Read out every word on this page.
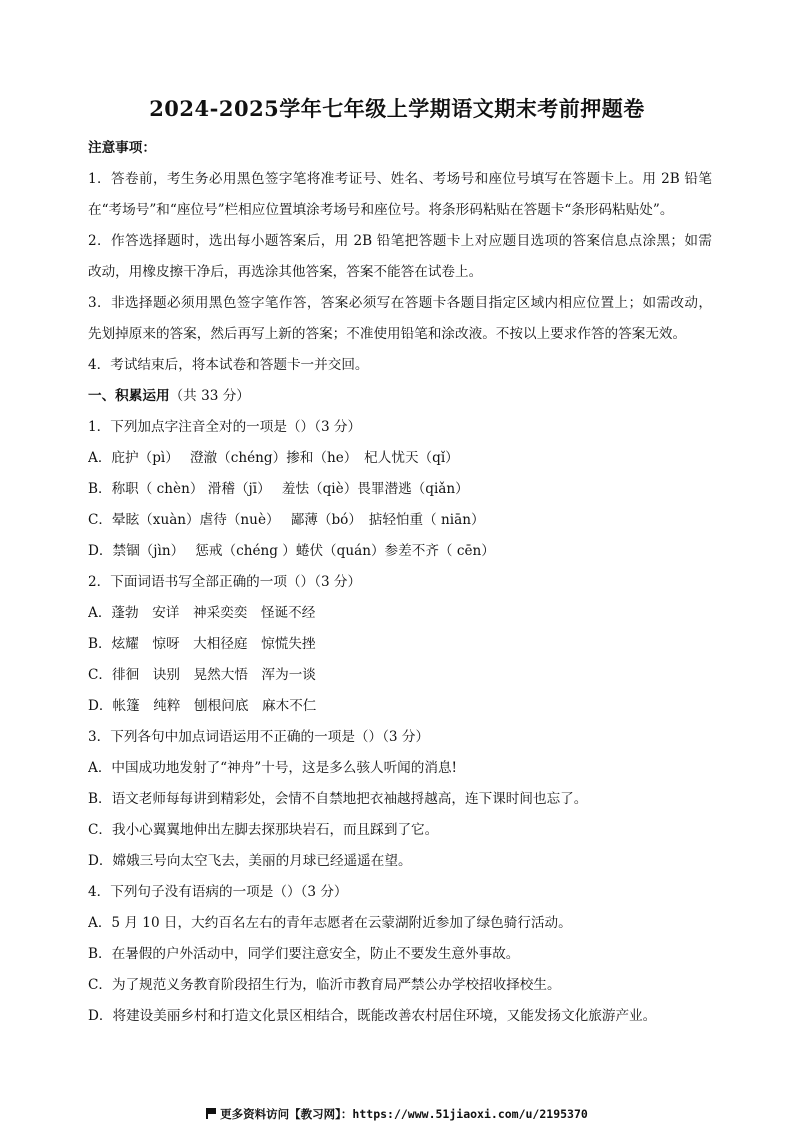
2024-2025学年七年级上学期语文期末考前押题卷
注意事项：
1．答卷前，考生务必用黑色签字笔将准考证号、姓名、考场号和座位号填写在答题卡上。用 2B 铅笔
在“考场号”和“座位号”栏相应位置填涂考场号和座位号。将条形码粘贴在答题卡“条形码粘贴处”。
2．作答选择题时，选出每小题答案后，用 2B 铅笔把答题卡上对应题目选项的答案信息点涂黑；如需
改动，用橡皮擦干净后，再选涂其他答案，答案不能答在试卷上。
3．非选择题必须用黑色签字笔作答，答案必须写在答题卡各题目指定区域内相应位置上；如需改动，
先划掉原来的答案，然后再写上新的答案；不准使用铅笔和涂改液。不按以上要求作答的答案无效。
4．考试结束后，将本试卷和答题卡一并交回。
一、积累运用（共 33 分）
1．下列加点字注音全对的一项是（）（3 分）
A．庇护（pì）　 澄澈（chéng）掺和（he）　杞人忧天（qǐ）
B．称职（ chèn） 滑稽（jī）　 羞怯（qiè）畏罪潜逃（qiǎn）
C．晕眩（xuàn）虐待（nuè）　 鄙薄（bó）　掂轻怕重（ niān）
D．禁锢（jìn）　 惩戒（chéng ）蜷伏（quán）参差不齐（ cēn）
2．下面词语书写全部正确的一项（）（3 分）
A．蓬勃　安详　神采奕奕　怪诞不经
B．炫耀　惊呀　大相径庭　惊慌失挫
C．徘徊　诀别　晃然大悟　浑为一谈
D．帐篷　纯粹　刨根问底　麻木不仁
3．下列各句中加点词语运用不正确的一项是（）（3 分）
A．中国成功地发射了“神舟”十号，这是多么骇人听闻的消息!
B．语文老师每每讲到精彩处，会情不自禁地把衣袖越捋越高，连下课时间也忘了。
C．我小心翼翼地伸出左脚去探那块岩石，而且踩到了它。
D．嫦娥三号向太空飞去，美丽的月球已经遥遥在望。
4．下列句子没有语病的一项是（）（3 分）
A．5 月 10 日，大约百名左右的青年志愿者在云蒙湖附近参加了绿色骑行活动。
B．在暑假的户外活动中，同学们要注意安全，防止不要发生意外事故。
C．为了规范义务教育阶段招生行为，临沂市教育局严禁公办学校招收择校生。
D．将建设美丽乡村和打造文化景区相结合，既能改善农村居住环境，又能发扬文化旅游产业。
更多资料访问【教习网】：https://www.51jiaoxi.com/u/2195370
